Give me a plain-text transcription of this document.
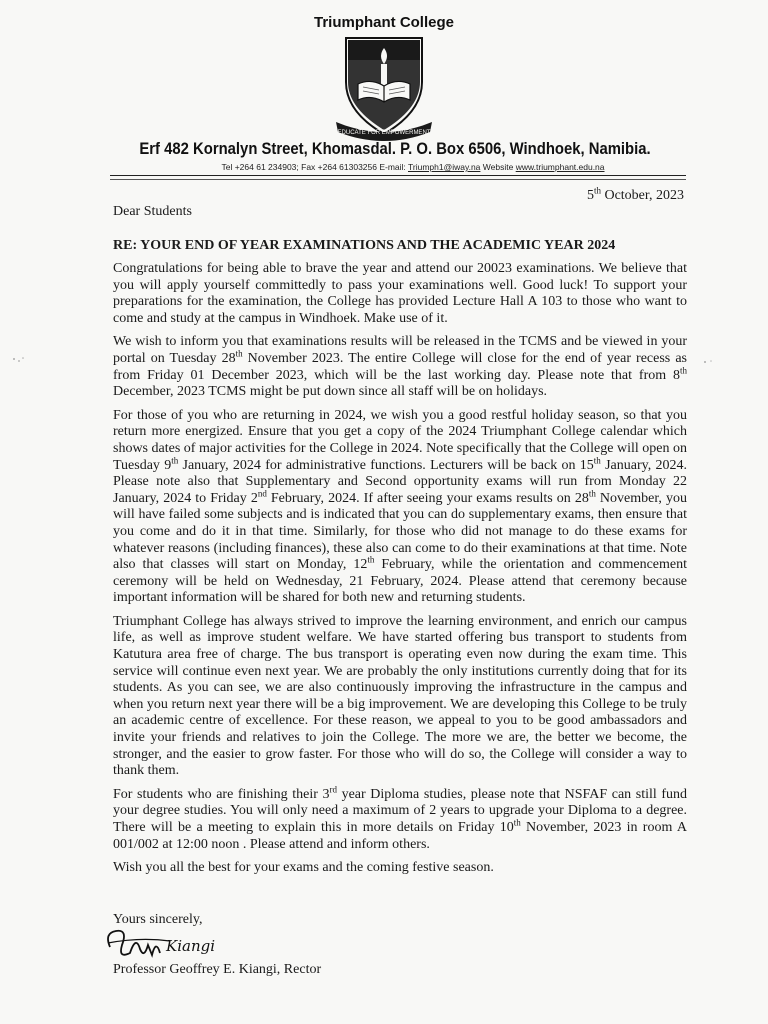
Triumphant College
EDUCATE FOR EMPOWERMENT
Erf 482 Kornalyn Street, Khomasdal. P. O. Box 6506, Windhoek, Namibia.
Tel +264 61 234903; Fax +264 61303256 E-mail: Triumph1@iway.na Website www.triumphant.edu.na
5th October, 2023
Dear Students
RE: YOUR END OF YEAR EXAMINATIONS AND THE ACADEMIC YEAR 2024

Congratulations for being able to brave the year and attend our 20023 examinations. We believe that you will apply yourself committedly to pass your examinations well. Good luck! To support your preparations for the examination, the College has provided Lecture Hall A 103 to those who want to come and study at the campus in Windhoek. Make use of it.

We wish to inform you that examinations results will be released in the TCMS and be viewed in your portal on Tuesday 28th November 2023. The entire College will close for the end of year recess as from Friday 01 December 2023, which will be the last working day. Please note that from 8th December, 2023 TCMS might be put down since all staff will be on holidays.

For those of you who are returning in 2024, we wish you a good restful holiday season, so that you return more energized. Ensure that you get a copy of the 2024 Triumphant College calendar which shows dates of major activities for the College in 2024. Note specifically that the College will open on Tuesday 9th January, 2024 for administrative functions. Lecturers will be back on 15th January, 2024. Please note also that Supplementary and Second opportunity exams will run from Monday 22 January, 2024 to Friday 2nd February, 2024. If after seeing your exams results on 28th November, you will have failed some subjects and is indicated that you can do supplementary exams, then ensure that you come and do it in that time. Similarly, for those who did not manage to do these exams for whatever reasons (including finances), these also can come to do their examinations at that time. Note also that classes will start on Monday, 12th February, while the orientation and commencement ceremony will be held on Wednesday, 21 February, 2024. Please attend that ceremony because important information will be shared for both new and returning students.

Triumphant College has always strived to improve the learning environment, and enrich our campus life, as well as improve student welfare. We have started offering bus transport to students from Katutura area free of charge. The bus transport is operating even now during the exam time. This service will continue even next year. We are probably the only institutions currently doing that for its students. As you can see, we are also continuously improving the infrastructure in the campus and when you return next year there will be a big improvement. We are developing this College to be truly an academic centre of excellence. For these reason, we appeal to you to be good ambassadors and invite your friends and relatives to join the College. The more we are, the better we become, the stronger, and the easier to grow faster. For those who will do so, the College will consider a way to thank them.

For students who are finishing their 3rd year Diploma studies, please note that NSFAF can still fund your degree studies. You will only need a maximum of 2 years to upgrade your Diploma to a degree. There will be a meeting to explain this in more details on Friday 10th November, 2023 in room A 001/002 at 12:00 noon . Please attend and inform others.

Wish you all the best for your exams and the coming festive season.

Yours sincerely,
Kiangi
Professor Geoffrey E. Kiangi, Rector
